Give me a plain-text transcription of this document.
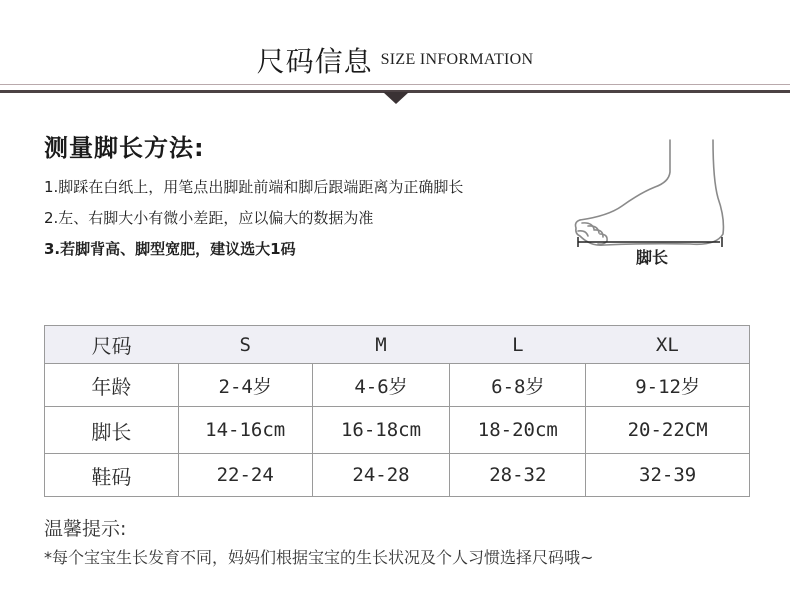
尺码信息 SIZE INFORMATION
测量脚长方法:
1.脚踩在白纸上，用笔点出脚趾前端和脚后跟端距离为正确脚长
2.左、右脚大小有微小差距，应以偏大的数据为准
3.若脚背高、脚型宽肥，建议选大1码	脚长
尺码	S	M	L	XL
年龄	2-4岁	4-6岁	6-8岁	9-12岁
脚长	14-16cm	16-18cm	18-20cm	20-22CM
鞋码	22-24	24-28	28-32	32-39
温馨提示:
*每个宝宝生长发育不同，妈妈们根据宝宝的生长状况及个人习惯选择尺码哦~
